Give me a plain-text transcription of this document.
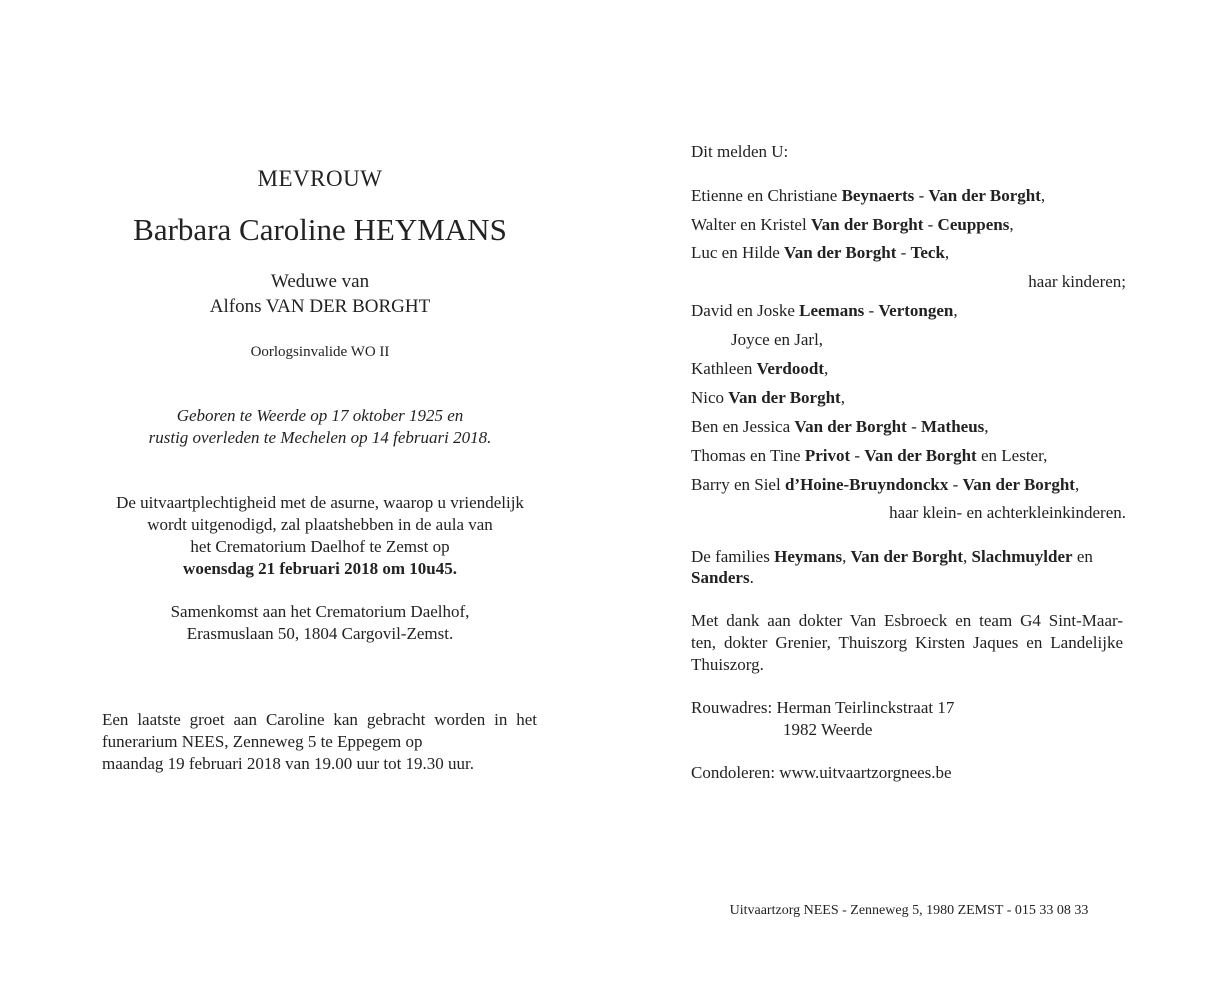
MEVROUW
Barbara Caroline HEYMANS
Weduwe van
Alfons VAN DER BORGHT
Oorlogsinvalide WO II
Geboren te Weerde op 17 oktober 1925 en
rustig overleden te Mechelen op 14 februari 2018.
De uitvaartplechtigheid met de asurne, waarop u vriendelijk
wordt uitgenodigd, zal plaatshebben in de aula van
het Crematorium Daelhof te Zemst op
woensdag 21 februari 2018 om 10u45.
Samenkomst aan het Crematorium Daelhof,
Erasmuslaan 50, 1804 Cargovil-Zemst.
Een laatste groet aan Caroline kan gebracht worden in het
funerarium NEES, Zenneweg 5 te Eppegem op
maandag 19 februari 2018 van 19.00 uur tot 19.30 uur.
Dit melden U:
Etienne en Christiane Beynaerts - Van der Borght,
Walter en Kristel Van der Borght - Ceuppens,
Luc en Hilde Van der Borght - Teck,
haar kinderen;
David en Joske Leemans - Vertongen,
Joyce en Jarl,
Kathleen Verdoodt,
Nico Van der Borght,
Ben en Jessica Van der Borght - Matheus,
Thomas en Tine Privot - Van der Borght en Lester,
Barry en Siel d’Hoine-Bruyndonckx - Van der Borght,
haar klein- en achterkleinkinderen.
De families Heymans, Van der Borght, Slachmuylder en
Sanders.
Met dank aan dokter Van Esbroeck en team G4 Sint-Maar-
ten, dokter Grenier, Thuiszorg Kirsten Jaques en Landelijke
Thuiszorg.
Rouwadres: Herman Teirlinckstraat 17
1982 Weerde
Condoleren: www.uitvaartzorgnees.be
Uitvaartzorg NEES - Zenneweg 5, 1980 ZEMST - 015 33 08 33
